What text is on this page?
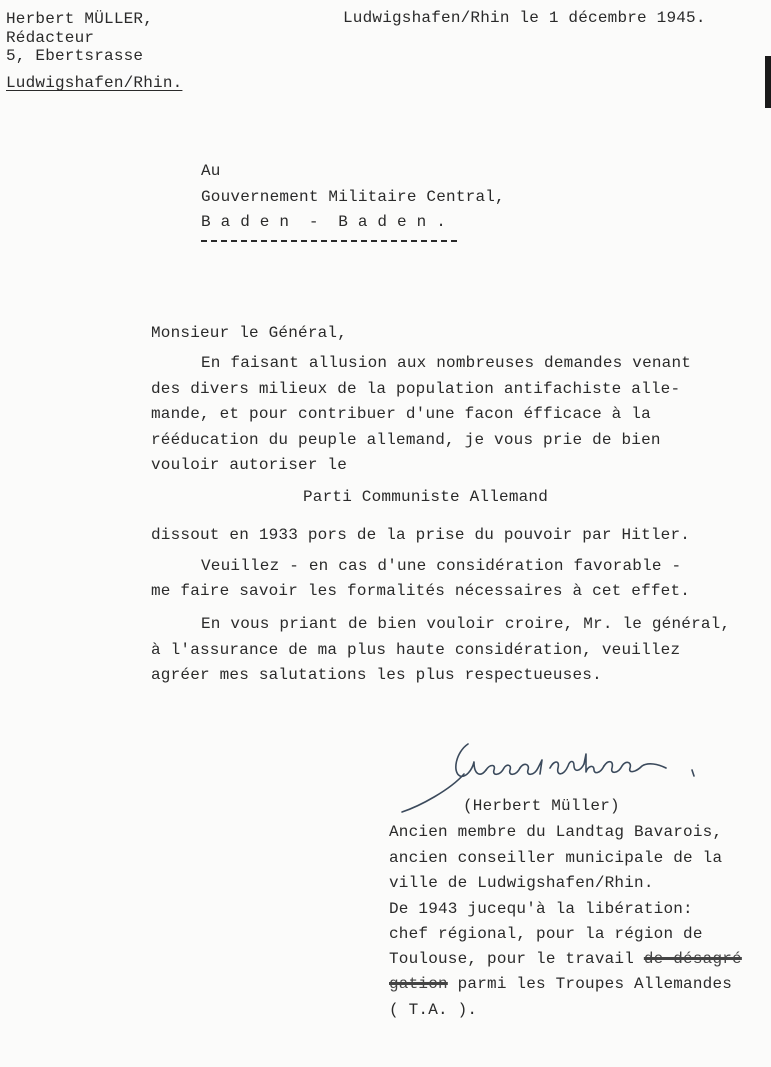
Herbert MÜLLER,
Rédacteur
5, Ebertsrasse
Ludwigshafen/Rhin.
Ludwigshafen/Rhin le 1 décembre 1945.
Au
Gouvernement Militaire Central,
B a d e n  -  B a d e n .
Monsieur le Général,
En faisant allusion aux nombreuses demandes venant
des divers milieux de la population antifachiste alle-
mande, et pour contribuer d'une facon éfficace à la
rééducation du peuple allemand, je vous prie de bien
vouloir autoriser le
Parti Communiste Allemand
dissout en 1933 pors de la prise du pouvoir par Hitler.
Veuillez - en cas d'une considération favorable -
me faire savoir les formalités nécessaires à cet effet.
En vous priant de bien vouloir croire, Mr. le général,
à l'assurance de ma plus haute considération, veuillez
agréer mes salutations les plus respectueuses.
(Herbert Müller)
Ancien membre du Landtag Bavarois,
ancien conseiller municipale de la
ville de Ludwigshafen/Rhin.
De 1943 jucequ'à la libération:
chef régional, pour la région de
Toulouse, pour le travail de désagré
gation parmi les Troupes Allemandes
( T.A. ).
